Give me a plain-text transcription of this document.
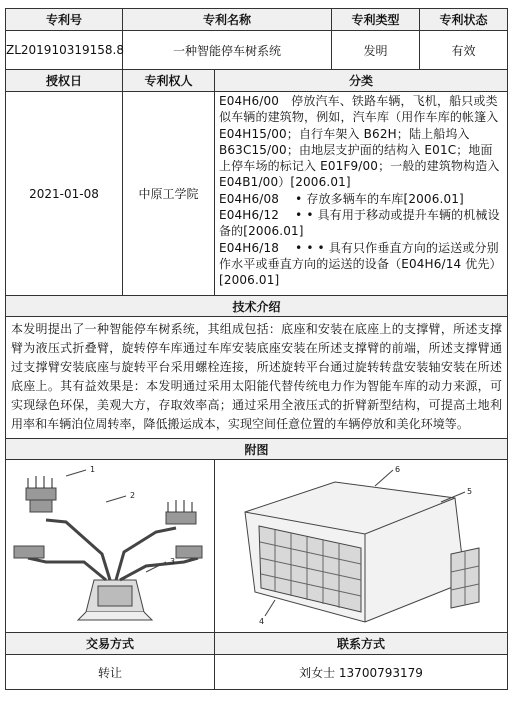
专利号	专利名称		专利类型	专利状态
ZL201910319158.8	一种智能停车树系统		发明	有效
授权日	专利权人	分类		
2021-01-08	中原工学院	E04H6/00　停放汽车、铁路车辆，飞机，船只或类似车辆的建筑物，例如，汽车库（用作车库的帐篷入 E04H15/00；自行车架入 B62H；陆上船坞入 B63C15/00；由地层支护面的结构入 E01C；地面上停车场的标记入 E01F9/00；一般的建筑物构造入 E04B1/00）[2006.01]
E04H6/08　 • 存放多辆车的车库[2006.01]
E04H6/12　 • • 具有用于移动或提升车辆的机械设备的[2006.01]
E04H6/18　 • • • 具有只作垂直方向的运送或分别作水平或垂直方向的运送的设备（E04H6/14 优先）[2006.01]		

技术介绍				
本发明提出了一种智能停车树系统，其组成包括：底座和安装在底座上的支撑臂，所述支撑臂为液压式折叠臂，旋转停车库通过车库安装底座安装在所述支撑臂的前端，所述支撑臂通过支撑臂安装底座与旋转平台采用螺栓连接，所述旋转平台通过旋转转盘安装轴安装在所述底座上。其有益效果是：本发明通过采用太阳能代替传统电力作为智能车库的动力来源，可实现绿色环保，美观大方，存取效率高；通过采用全液压式的折臂新型结构，可提高土地利用率和车辆泊位周转率，降低搬运成本，实现空间任意位置的车辆停放和美化环境等。				
附图				

1
2
3		6
5
4		

交易方式		联系方式		
转让		刘女士 13700793179		
